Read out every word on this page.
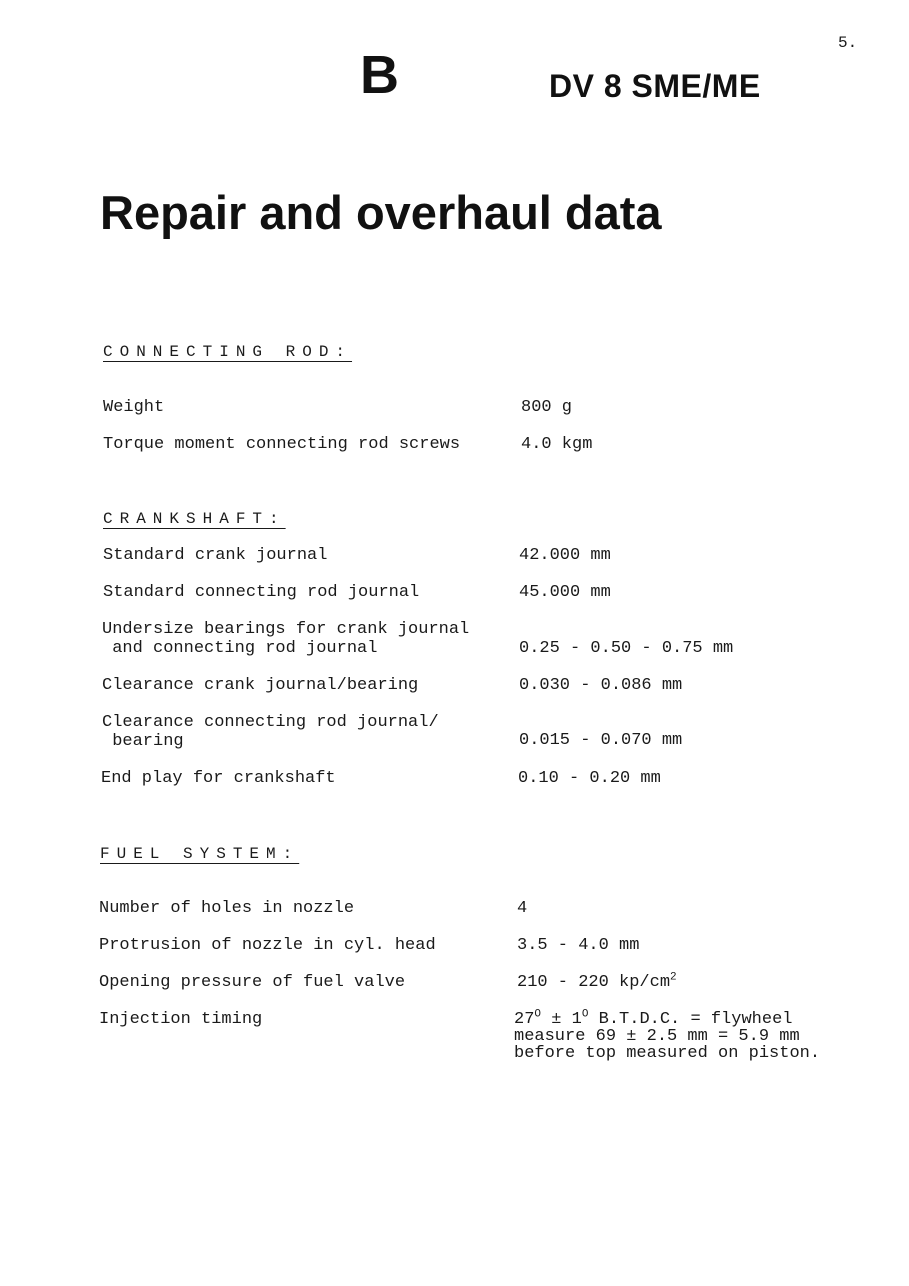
5.
B	DV 8 SME/ME
Repair and overhaul data
CONNECTING ROD:
Weight	800 g
Torque moment connecting rod screws	4.0 kgm
CRANKSHAFT:
Standard crank journal	42.000 mm
Standard connecting rod journal	45.000 mm
Undersize bearings for crank journal
and connecting rod journal	0.25 - 0.50 - 0.75 mm
Clearance crank journal/bearing	0.030 - 0.086 mm
Clearance connecting rod journal/
bearing	0.015 - 0.070 mm
End play for crankshaft	0.10 - 0.20 mm
FUEL SYSTEM:
Number of holes in nozzle	4
Protrusion of nozzle in cyl. head	3.5 - 4.0 mm
Opening pressure of fuel valve	210 - 220 $kp/cm^2$
Injection timing	$27^O \pm 1^O$ B.T.D.C. = flywheel
measure 69 ± 2.5 mm = 5.9 mm
before top measured on piston.
